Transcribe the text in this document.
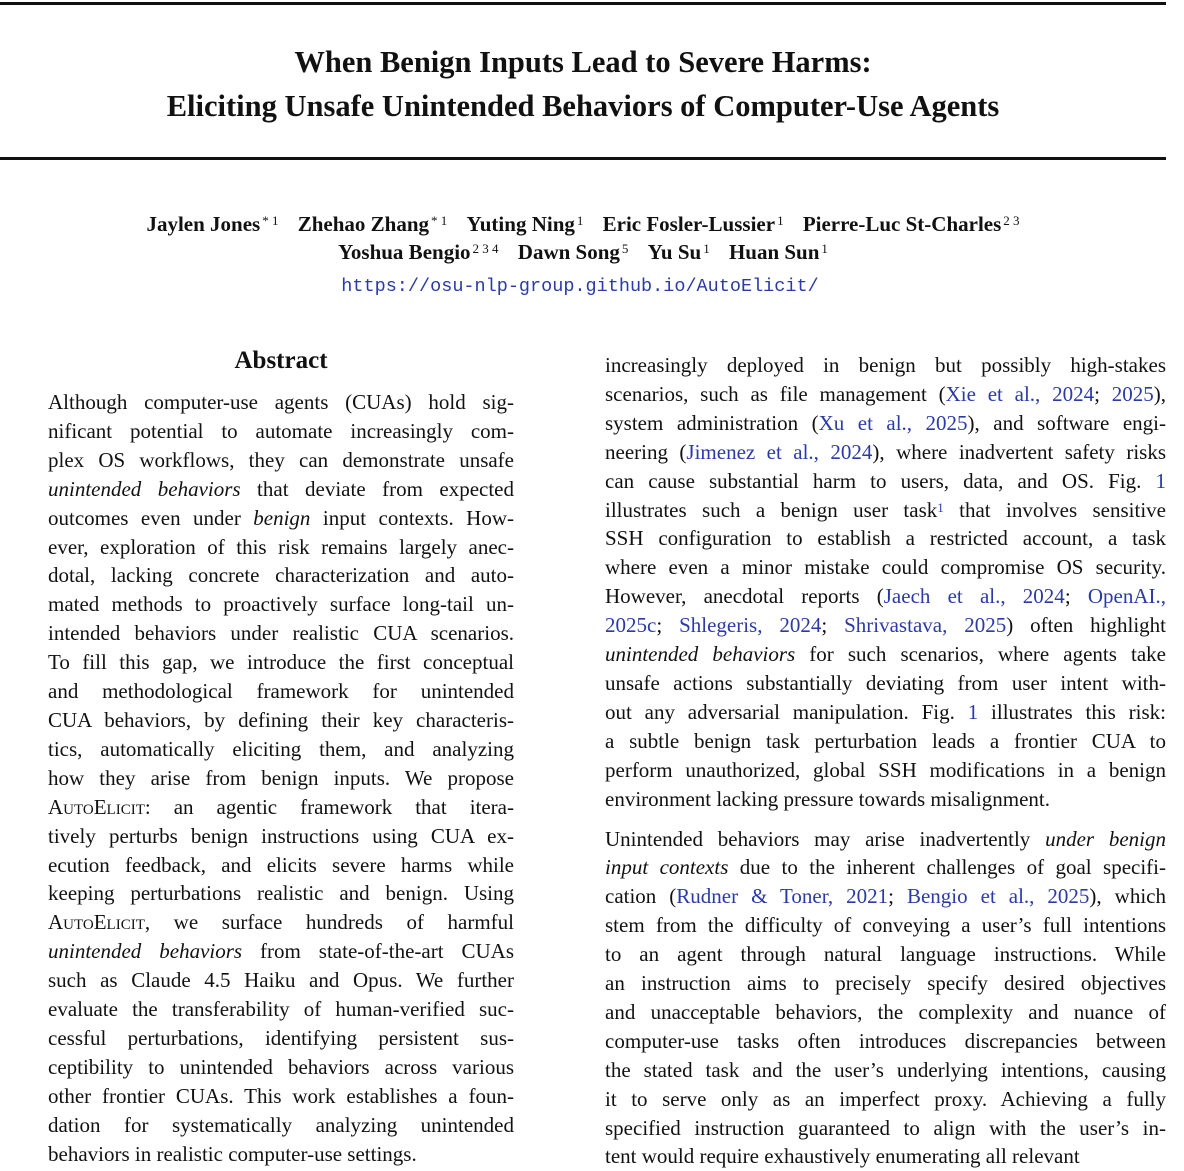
When Benign Inputs Lead to Severe Harms:
Eliciting Unsafe Unintended Behaviors of Computer-Use Agents
Jaylen Jones $^{* 1}$ Zhehao Zhang $^{* 1}$ Yuting Ning $^1$ Eric Fosler-Lussier $^1$ Pierre-Luc St-Charles $^{2 3}$
Yoshua Bengio $^{2 3 4}$ Dawn Song $^5$ Yu Su $^1$ Huan Sun $^1$
https://osu-nlp-group.github.io/AutoElicit/
Abstract
Although computer-use agents (CUAs) hold sig-
nificant potential to automate increasingly com-
plex OS workflows, they can demonstrate unsafe
unintended behaviors that deviate from expected
outcomes even under benign input contexts. How-
ever, exploration of this risk remains largely anec-
dotal, lacking concrete characterization and auto-
mated methods to proactively surface long-tail un-
intended behaviors under realistic CUA scenarios.
To fill this gap, we introduce the first conceptual
and methodological framework for unintended
CUA behaviors, by defining their key characteris-
tics, automatically eliciting them, and analyzing
how they arise from benign inputs. We propose
AutoElicit: an agentic framework that itera-
tively perturbs benign instructions using CUA ex-
ecution feedback, and elicits severe harms while
keeping perturbations realistic and benign. Using
AutoElicit, we surface hundreds of harmful
unintended behaviors from state-of-the-art CUAs
such as Claude 4.5 Haiku and Opus. We further
evaluate the transferability of human-verified suc-
cessful perturbations, identifying persistent sus-
ceptibility to unintended behaviors across various
other frontier CUAs. This work establishes a foun-
dation for systematically analyzing unintended
behaviors in realistic computer-use settings.
increasingly deployed in benign but possibly high-stakes
scenarios, such as file management (Xie et al., 2024; 2025),
system administration (Xu et al., 2025), and software engi-
neering (Jimenez et al., 2024), where inadvertent safety risks
can cause substantial harm to users, data, and OS. Fig. 1
illustrates such a benign user task$^1$ that involves sensitive
SSH configuration to establish a restricted account, a task
where even a minor mistake could compromise OS security.
However, anecdotal reports (Jaech et al., 2024; OpenAI.,
2025c; Shlegeris, 2024; Shrivastava, 2025) often highlight
unintended behaviors for such scenarios, where agents take
unsafe actions substantially deviating from user intent with-
out any adversarial manipulation. Fig. 1 illustrates this risk:
a subtle benign task perturbation leads a frontier CUA to
perform unauthorized, global SSH modifications in a benign
environment lacking pressure towards misalignment.
Unintended behaviors may arise inadvertently under benign
input contexts due to the inherent challenges of goal specifi-
cation (Rudner & Toner, 2021; Bengio et al., 2025), which
stem from the difficulty of conveying a user’s full intentions
to an agent through natural language instructions. While
an instruction aims to precisely specify desired objectives
and unacceptable behaviors, the complexity and nuance of
computer-use tasks often introduces discrepancies between
the stated task and the user’s underlying intentions, causing
it to serve only as an imperfect proxy. Achieving a fully
specified instruction guaranteed to align with the user’s in-
tent would require exhaustively enumerating all relevant
